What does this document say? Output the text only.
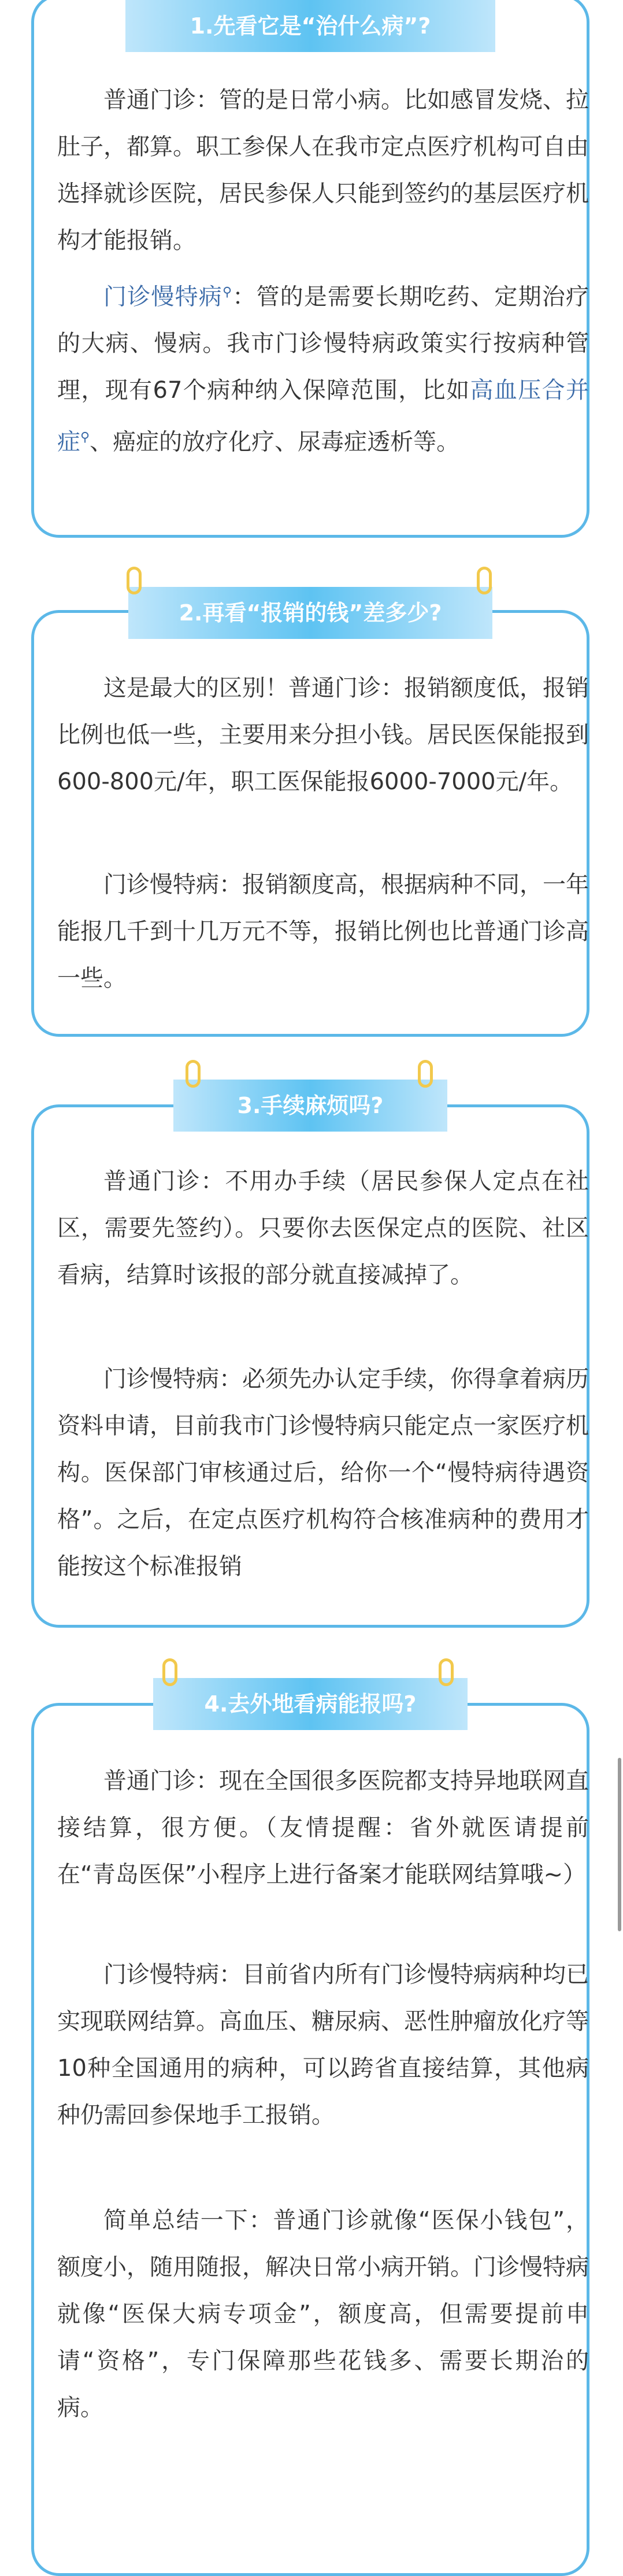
1.先看它是“治什么病”?

普通门诊：管的是日常小病。比如感冒发烧、拉肚子，都算。职工参保人在我市定点医疗机构可自由选择就诊医院，居民参保人只能到签约的基层医疗机构才能报销。

门诊慢特病⚲：管的是需要长期吃药、定期治疗的大病、慢病。我市门诊慢特病政策实行按病种管理，现有67个病种纳入保障范围，比如高血压合并症⚲、癌症的放疗化疗、尿毒症透析等。

2.再看“报销的钱”差多少?

这是最大的区别！普通门诊：报销额度低，报销比例也低一些，主要用来分担小钱。居民医保能报到600-800元/年，职工医保能报6000-7000元/年。

门诊慢特病：报销额度高，根据病种不同，一年能报几千到十几万元不等，报销比例也比普通门诊高一些。

3.手续麻烦吗?

普通门诊：不用办手续（居民参保人定点在社区，需要先签约）。只要你去医保定点的医院、社区看病，结算时该报的部分就直接减掉了。

门诊慢特病：必须先办认定手续，你得拿着病历资料申请，目前我市门诊慢特病只能定点一家医疗机构。医保部门审核通过后，给你一个“慢特病待遇资格”。之后，在定点医疗机构符合核准病种的费用才能按这个标准报销

4.去外地看病能报吗?

普通门诊：现在全国很多医院都支持异地联网直接结算，很方便。（友情提醒：省外就医请提前在“青岛医保”小程序上进行备案才能联网结算哦~）

门诊慢特病：目前省内所有门诊慢特病病种均已实现联网结算。高血压、糖尿病、恶性肿瘤放化疗等10种全国通用的病种，可以跨省直接结算，其他病种仍需回参保地手工报销。

简单总结一下：普通门诊就像“医保小钱包”，额度小，随用随报，解决日常小病开销。门诊慢特病就像“医保大病专项金”，额度高，但需要提前申请“资格”，专门保障那些花钱多、需要长期治的病。
